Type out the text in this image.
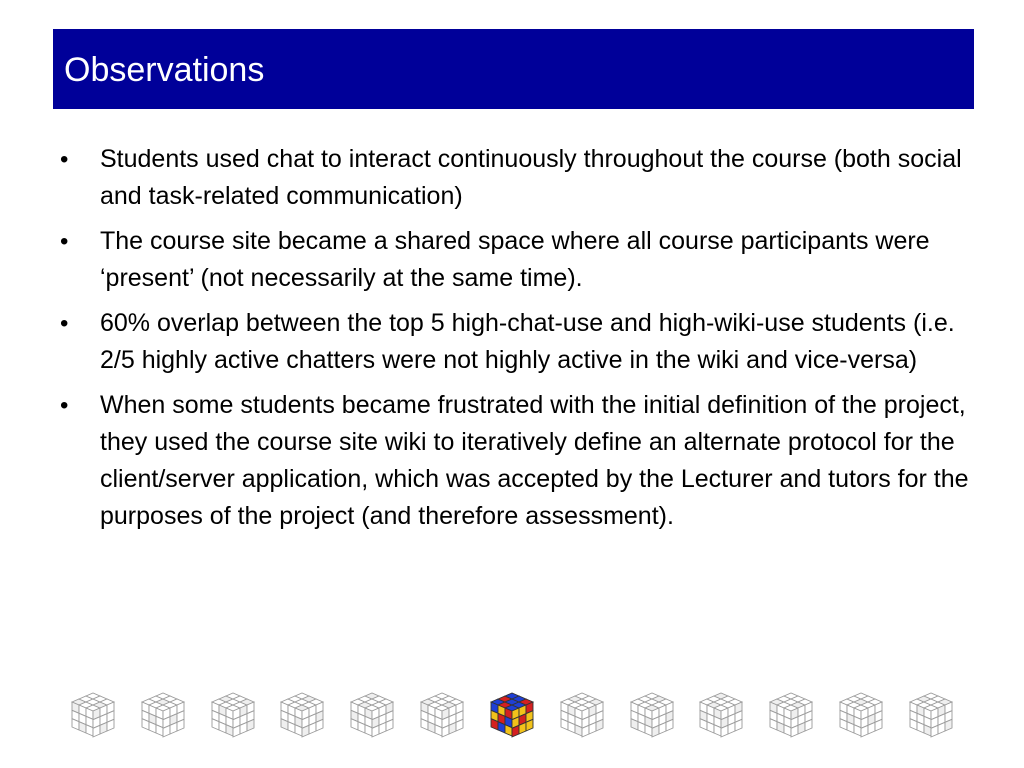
Observations
• Students used chat to interact continuously throughout the course (both social and task-related communication)
• The course site became a shared space where all course participants were ‘present’ (not necessarily at the same time).
• 60% overlap between the top 5 high-chat-use and high-wiki-use students (i.e. 2/5 highly active chatters were not highly active in the wiki and vice-versa)
• When some students became frustrated with the initial definition of the project, they used the course site wiki to iteratively define an alternate protocol for the client/server application, which was accepted by the Lecturer and tutors for the purposes of the project (and therefore assessment).
